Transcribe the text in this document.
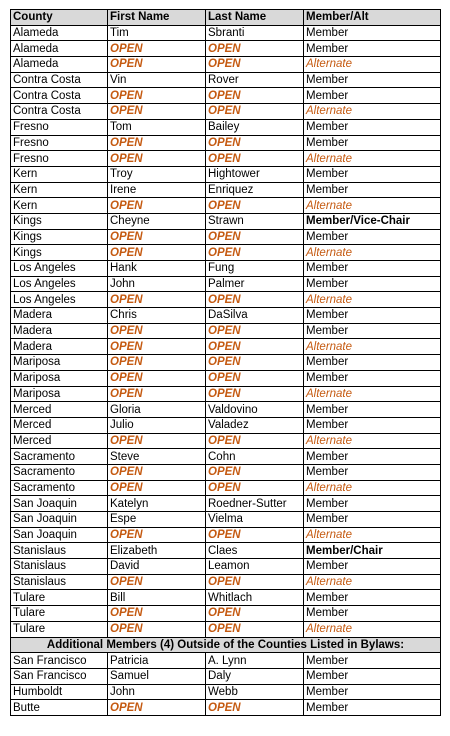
County	First Name	Last Name	Member/Alt
Alameda	Tim	Sbranti	Member
Alameda	OPEN	OPEN	Member
Alameda	OPEN	OPEN	Alternate
Contra Costa	Vin	Rover	Member
Contra Costa	OPEN	OPEN	Member
Contra Costa	OPEN	OPEN	Alternate
Fresno	Tom	Bailey	Member
Fresno	OPEN	OPEN	Member
Fresno	OPEN	OPEN	Alternate
Kern	Troy	Hightower	Member
Kern	Irene	Enriquez	Member
Kern	OPEN	OPEN	Alternate
Kings	Cheyne	Strawn	Member/Vice-Chair
Kings	OPEN	OPEN	Member
Kings	OPEN	OPEN	Alternate
Los Angeles	Hank	Fung	Member
Los Angeles	John	Palmer	Member
Los Angeles	OPEN	OPEN	Alternate
Madera	Chris	DaSilva	Member
Madera	OPEN	OPEN	Member
Madera	OPEN	OPEN	Alternate
Mariposa	OPEN	OPEN	Member
Mariposa	OPEN	OPEN	Member
Mariposa	OPEN	OPEN	Alternate
Merced	Gloria	Valdovino	Member
Merced	Julio	Valadez	Member
Merced	OPEN	OPEN	Alternate
Sacramento	Steve	Cohn	Member
Sacramento	OPEN	OPEN	Member
Sacramento	OPEN	OPEN	Alternate
San Joaquin	Katelyn	Roedner-Sutter	Member
San Joaquin	Espe	Vielma	Member
San Joaquin	OPEN	OPEN	Alternate
Stanislaus	Elizabeth	Claes	Member/Chair
Stanislaus	David	Leamon	Member
Stanislaus	OPEN	OPEN	Alternate
Tulare	Bill	Whitlach	Member
Tulare	OPEN	OPEN	Member
Tulare	OPEN	OPEN	Alternate
Additional Members (4) Outside of the Counties Listed in Bylaws:			
San Francisco	Patricia	A. Lynn	Member
San Francisco	Samuel	Daly	Member
Humboldt	John	Webb	Member
Butte	OPEN	OPEN	Member
